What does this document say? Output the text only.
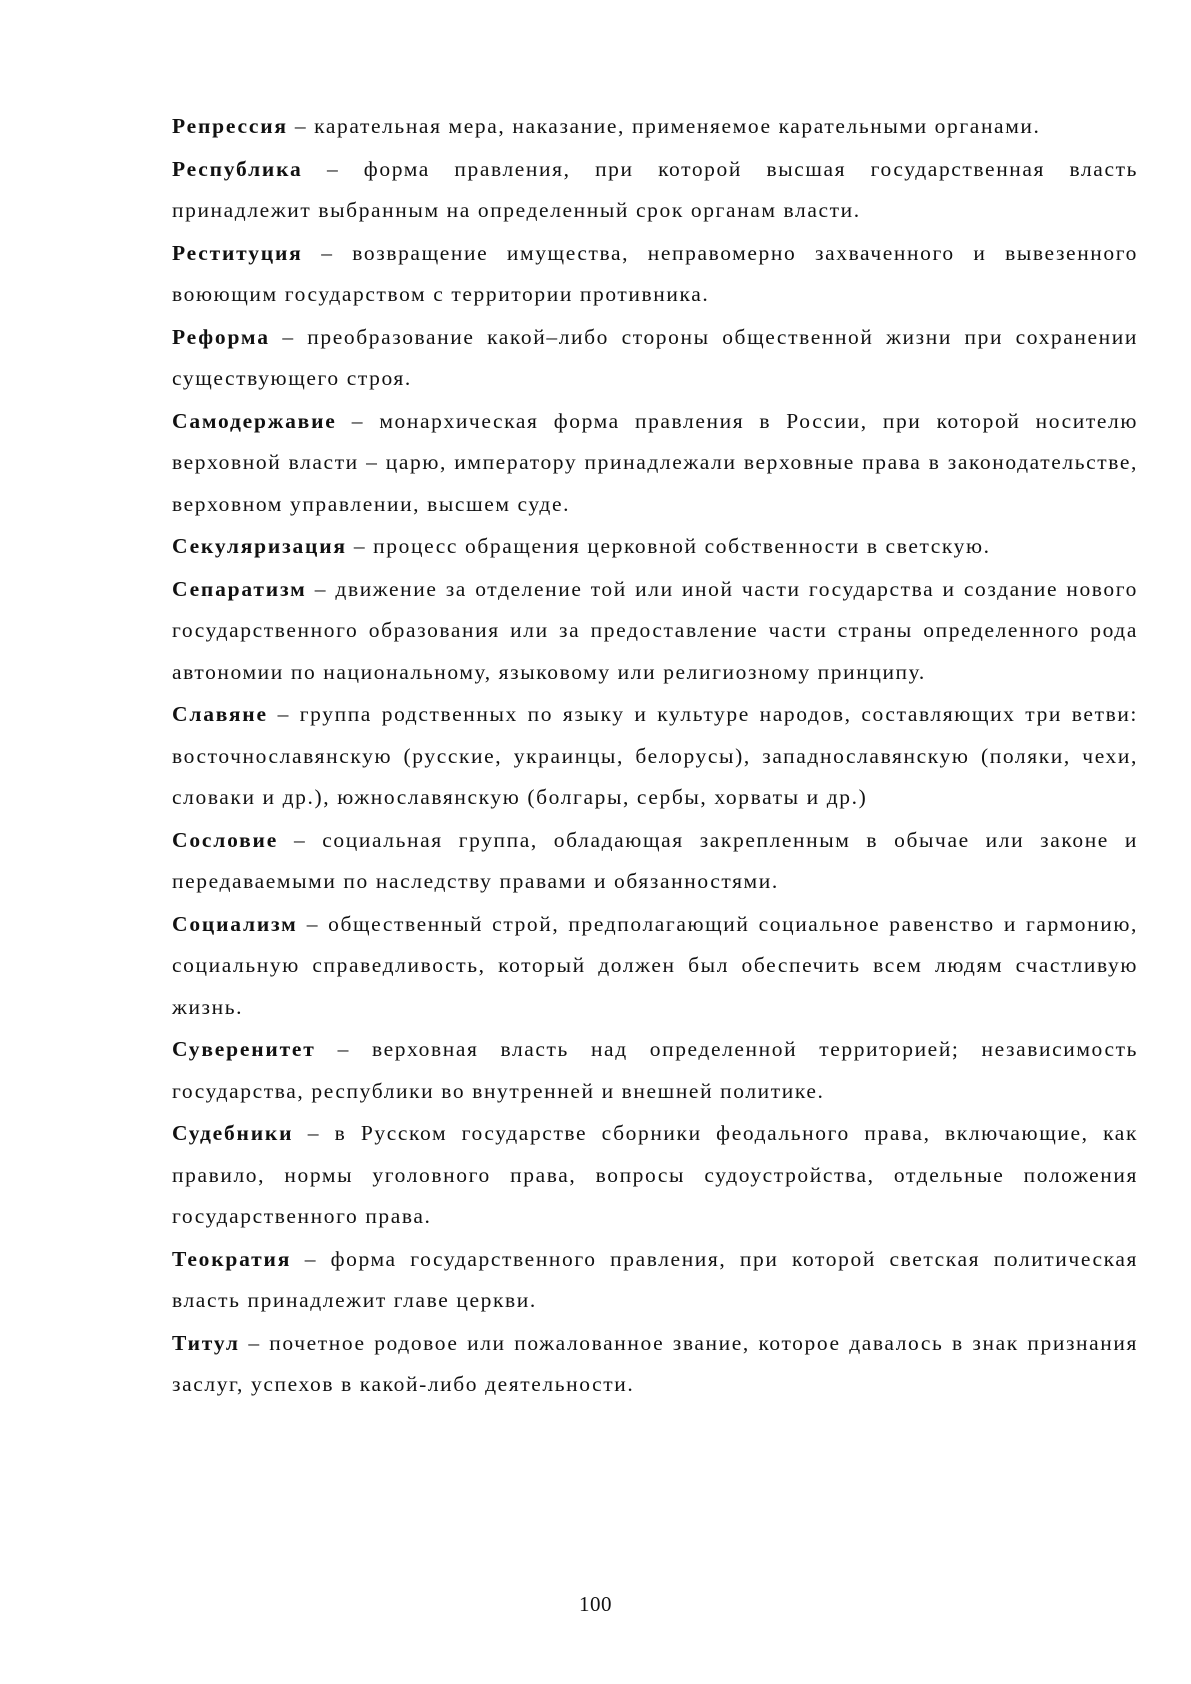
Репрессия – карательная мера, наказание, применяемое карательными органами.

Республика – форма правления, при которой высшая государственная власть принадлежит выбранным на определенный срок органам власти.

Реституция – возвращение имущества, неправомерно захваченного и вывезенного воюющим государством с территории противника.

Реформа – преобразование какой–либо стороны общественной жизни при сохранении существующего строя.

Самодержавие – монархическая форма правления в России, при которой носителю верховной власти – царю, императору принадлежали верховные права в законодательстве, верховном управлении, высшем суде.

Секуляризация – процесс обращения церковной собственности в светскую.

Сепаратизм – движение за отделение той или иной части государства и создание нового государственного образования или за предоставление части страны определенного рода автономии по национальному, языковому или религиозному принципу.

Славяне – группа родственных по языку и культуре народов, составляющих три ветви: восточнославянскую (русские, украинцы, белорусы), западнославянскую (поляки, чехи, словаки и др.), южнославянскую (болгары, сербы, хорваты и др.)

Сословие – социальная группа, обладающая закрепленным в обычае или законе и передаваемыми по наследству правами и обязанностями.

Социализм – общественный строй, предполагающий социальное равенство и гармонию, социальную справедливость, который должен был обеспечить всем людям счастливую жизнь.

Суверенитет – верховная власть над определенной территорией; независимость государства, республики во внутренней и внешней политике.

Судебники – в Русском государстве сборники феодального права, включающие, как правило, нормы уголовного права, вопросы судоустройства, отдельные положения государственного права.

Теократия – форма государственного правления, при которой светская политическая власть принадлежит главе церкви.

Титул – почетное родовое или пожалованное звание, которое давалось в знак признания заслуг, успехов в какой-либо деятельности.

100
